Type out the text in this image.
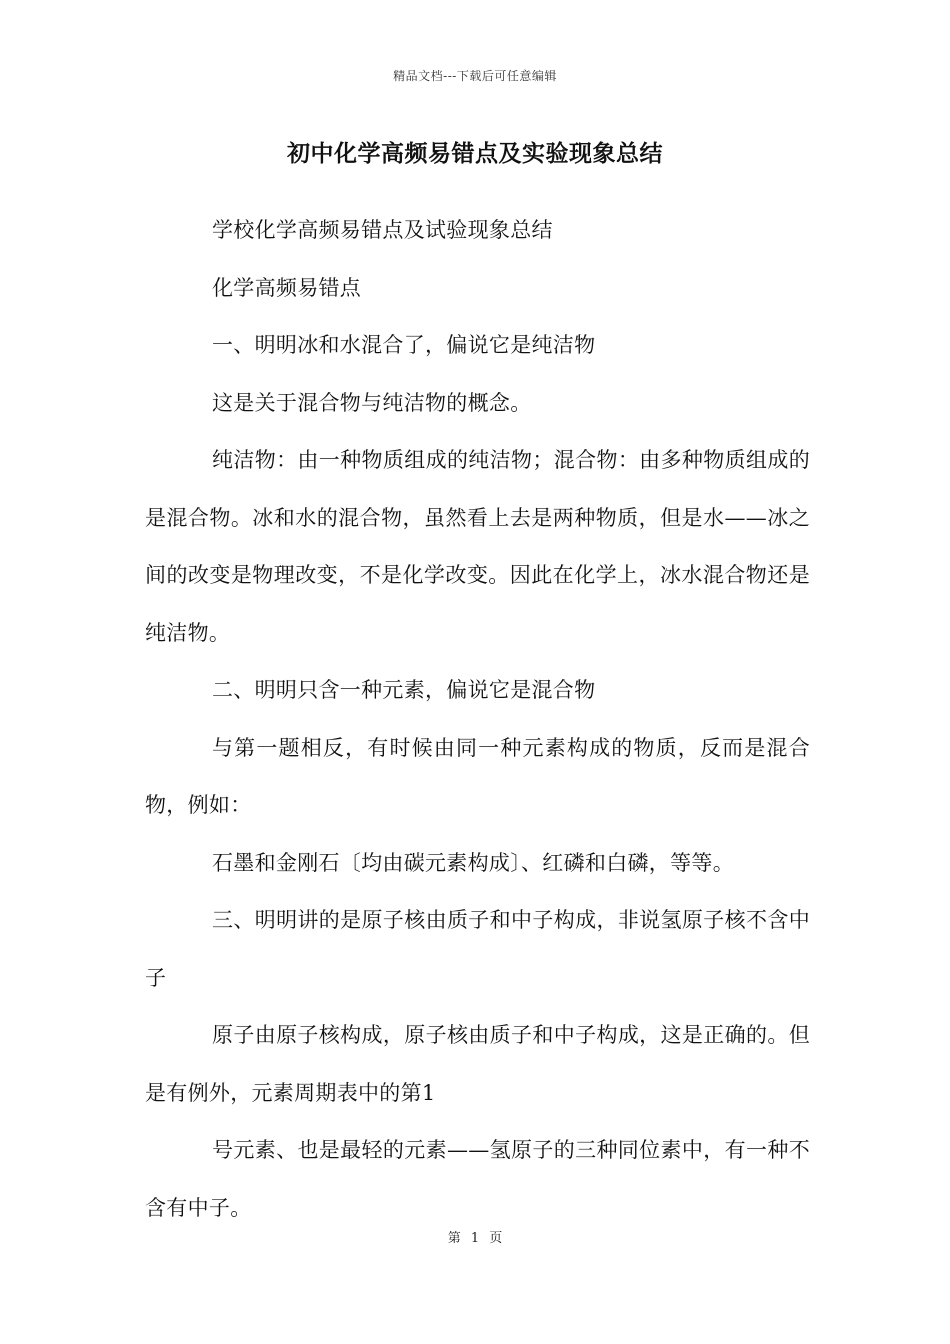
精品文档---下载后可任意编辑
初中化学高频易错点及实验现象总结

学校化学高频易错点及试验现象总结

化学高频易错点

一、明明冰和水混合了，偏说它是纯洁物

这是关于混合物与纯洁物的概念。

纯洁物：由一种物质组成的纯洁物；混合物：由多种物质组成的是混合物。冰和水的混合物，虽然看上去是两种物质，但是水——冰之间的改变是物理改变，不是化学改变。因此在化学上，冰水混合物还是纯洁物。

二、明明只含一种元素，偏说它是混合物

与第一题相反，有时候由同一种元素构成的物质，反而是混合物，例如：

石墨和金刚石〔均由碳元素构成〕、红磷和白磷，等等。

三、明明讲的是原子核由质子和中子构成，非说氢原子核不含中子

原子由原子核构成，原子核由质子和中子构成，这是正确的。但是有例外，元素周期表中的第1

号元素、也是最轻的元素——氢原子的三种同位素中，有一种不含有中子。

第 1 页
